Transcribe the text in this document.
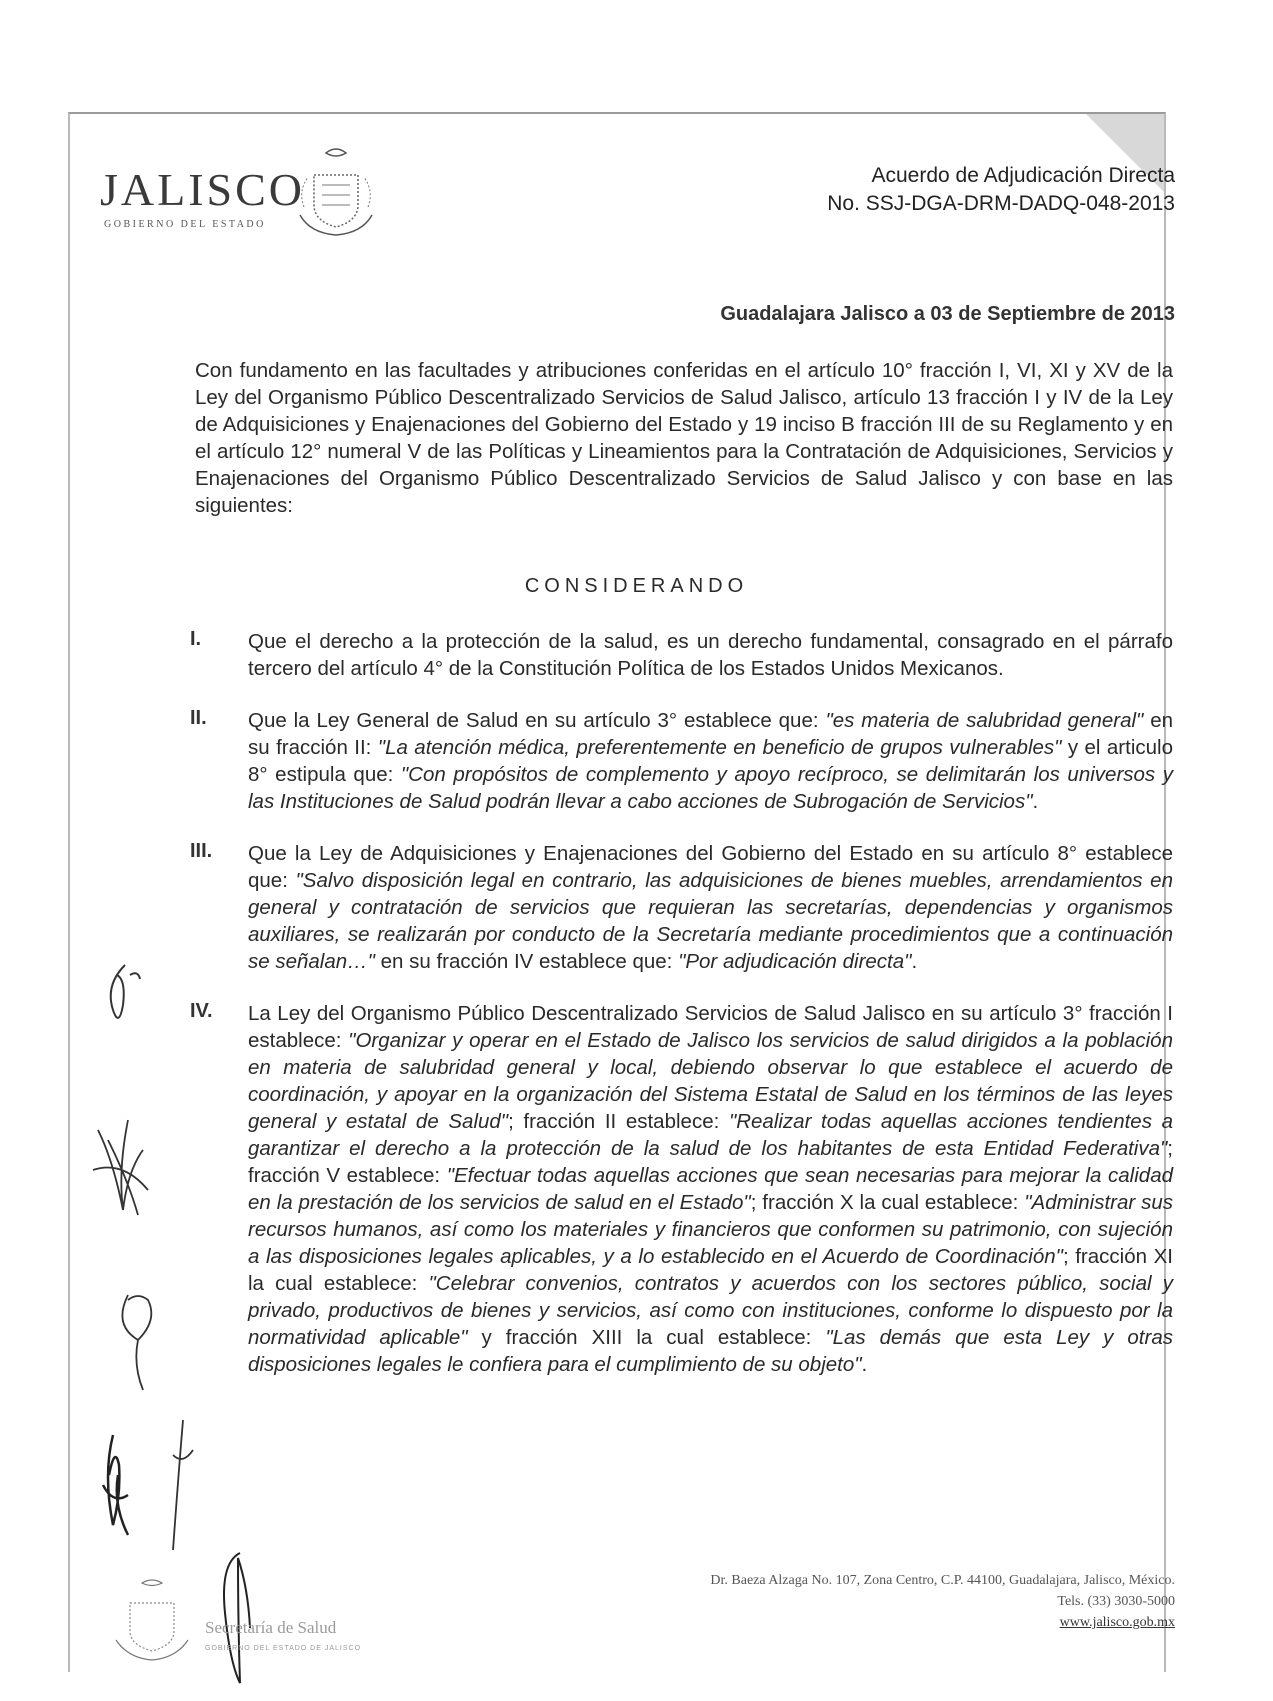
JALISCO
GOBIERNO DEL ESTADO
Acuerdo de Adjudicación Directa
No. SSJ-DGA-DRM-DADQ-048-2013
Guadalajara Jalisco a 03 de Septiembre de 2013
Con fundamento en las facultades y atribuciones conferidas en el artículo 10° fracción I, VI, XI y XV de la Ley del Organismo Público Descentralizado Servicios de Salud Jalisco, artículo 13 fracción I y IV de la Ley de Adquisiciones y Enajenaciones del Gobierno del Estado y 19 inciso B fracción III de su Reglamento y en el artículo 12° numeral V de las Políticas y Lineamientos para la Contratación de Adquisiciones, Servicios y Enajenaciones del Organismo Público Descentralizado Servicios de Salud Jalisco y con base en las siguientes:
CONSIDERANDO
I. Que el derecho a la protección de la salud, es un derecho fundamental, consagrado en el párrafo tercero del artículo 4° de la Constitución Política de los Estados Unidos Mexicanos.
II. Que la Ley General de Salud en su artículo 3° establece que: "es materia de salubridad general" en su fracción II: "La atención médica, preferentemente en beneficio de grupos vulnerables" y el articulo 8° estipula que: "Con propósitos de complemento y apoyo recíproco, se delimitarán los universos y las Instituciones de Salud podrán llevar a cabo acciones de Subrogación de Servicios".
III. Que la Ley de Adquisiciones y Enajenaciones del Gobierno del Estado en su artículo 8° establece que: "Salvo disposición legal en contrario, las adquisiciones de bienes muebles, arrendamientos en general y contratación de servicios que requieran las secretarías, dependencias y organismos auxiliares, se realizarán por conducto de la Secretaría mediante procedimientos que a continuación se señalan…" en su fracción IV establece que: "Por adjudicación directa".
IV. La Ley del Organismo Público Descentralizado Servicios de Salud Jalisco en su artículo 3° fracción I establece: "Organizar y operar en el Estado de Jalisco los servicios de salud dirigidos a la población en materia de salubridad general y local, debiendo observar lo que establece el acuerdo de coordinación, y apoyar en la organización del Sistema Estatal de Salud en los términos de las leyes general y estatal de Salud"; fracción II establece: "Realizar todas aquellas acciones tendientes a garantizar el derecho a la protección de la salud de los habitantes de esta Entidad Federativa"; fracción V establece: "Efectuar todas aquellas acciones que sean necesarias para mejorar la calidad en la prestación de los servicios de salud en el Estado"; fracción X la cual establece: "Administrar sus recursos humanos, así como los materiales y financieros que conformen su patrimonio, con sujeción a las disposiciones legales aplicables, y a lo establecido en el Acuerdo de Coordinación"; fracción XI la cual establece: "Celebrar convenios, contratos y acuerdos con los sectores público, social y privado, productivos de bienes y servicios, así como con instituciones, conforme lo dispuesto por la normatividad aplicable" y fracción XIII la cual establece: "Las demás que esta Ley y otras disposiciones legales le confiera para el cumplimiento de su objeto".
Dr. Baeza Alzaga No. 107, Zona Centro, C.P. 44100, Guadalajara, Jalisco, México.
Tels. (33) 3030-5000
www.jalisco.gob.mx
Secretaría de Salud
GOBIERNO DEL ESTADO DE JALISCO
